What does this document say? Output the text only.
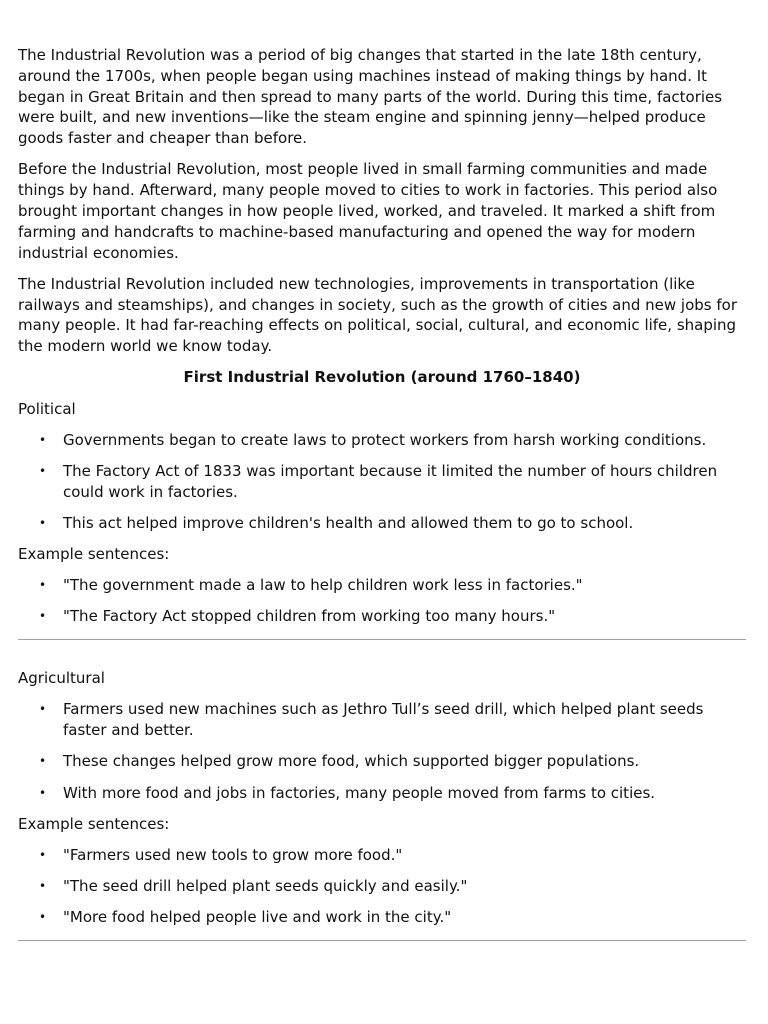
The Industrial Revolution was a period of big changes that started in the late 18th century, around the 1700s, when people began using machines instead of making things by hand. It began in Great Britain and then spread to many parts of the world. During this time, factories were built, and new inventions—like the steam engine and spinning jenny—helped produce goods faster and cheaper than before.

Before the Industrial Revolution, most people lived in small farming communities and made things by hand. Afterward, many people moved to cities to work in factories. This period also brought important changes in how people lived, worked, and traveled. It marked a shift from farming and handcrafts to machine-based manufacturing and opened the way for modern industrial economies.

The Industrial Revolution included new technologies, improvements in transportation (like railways and steamships), and changes in society, such as the growth of cities and new jobs for many people. It had far-reaching effects on political, social, cultural, and economic life, shaping the modern world we know today.

First Industrial Revolution (around 1760–1840)
Political
• Governments began to create laws to protect workers from harsh working conditions.
• The Factory Act of 1833 was important because it limited the number of hours children could work in factories.
• This act helped improve children's health and allowed them to go to school.
Example sentences:
• "The government made a law to help children work less in factories."
• "The Factory Act stopped children from working too many hours."
Agricultural
• Farmers used new machines such as Jethro Tull’s seed drill, which helped plant seeds faster and better.
• These changes helped grow more food, which supported bigger populations.
• With more food and jobs in factories, many people moved from farms to cities.
Example sentences:
• "Farmers used new tools to grow more food."
• "The seed drill helped plant seeds quickly and easily."
• "More food helped people live and work in the city."
